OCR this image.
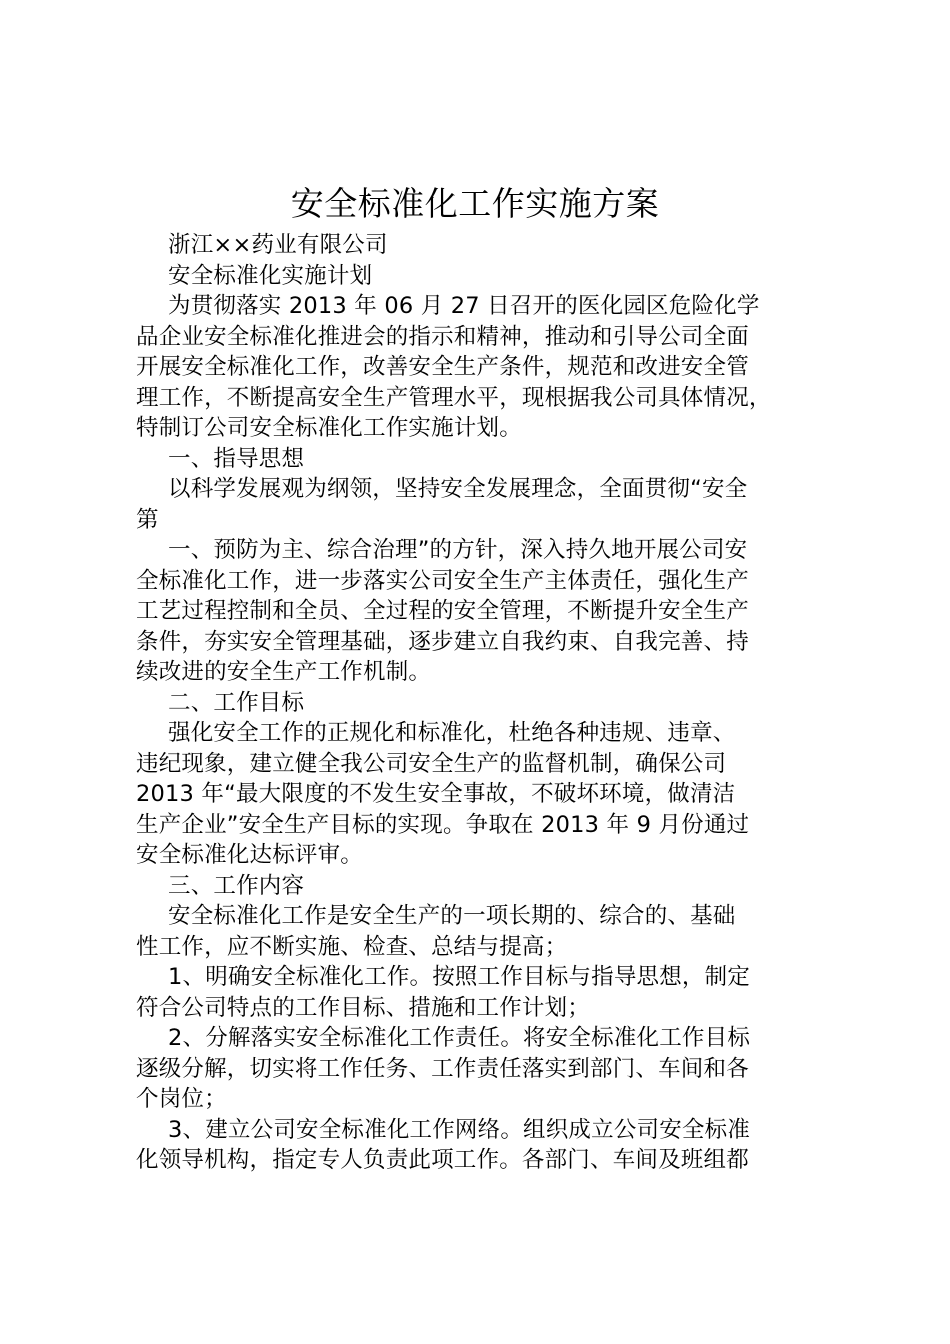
安全标准化工作实施方案
浙江××药业有限公司
安全标准化实施计划
为贯彻落实 2013 年 06 月 27 日召开的医化园区危险化学
品企业安全标准化推进会的指示和精神，推动和引导公司全面
开展安全标准化工作，改善安全生产条件，规范和改进安全管
理工作，不断提高安全生产管理水平，现根据我公司具体情况，
特制订公司安全标准化工作实施计划。
一、指导思想
以科学发展观为纲领，坚持安全发展理念，全面贯彻“安全
第
一、预防为主、综合治理”的方针，深入持久地开展公司安
全标准化工作，进一步落实公司安全生产主体责任，强化生产
工艺过程控制和全员、全过程的安全管理，不断提升安全生产
条件，夯实安全管理基础，逐步建立自我约束、自我完善、持
续改进的安全生产工作机制。
二、工作目标
强化安全工作的正规化和标准化，杜绝各种违规、违章、
违纪现象，建立健全我公司安全生产的监督机制，确保公司
2013 年“最大限度的不发生安全事故，不破坏环境，做清洁
生产企业”安全生产目标的实现。争取在 2013 年 9 月份通过
安全标准化达标评审。
三、工作内容
安全标准化工作是安全生产的一项长期的、综合的、基础
性工作，应不断实施、检查、总结与提高；
1、明确安全标准化工作。按照工作目标与指导思想，制定
符合公司特点的工作目标、措施和工作计划；
2、分解落实安全标准化工作责任。将安全标准化工作目标
逐级分解，切实将工作任务、工作责任落实到部门、车间和各
个岗位；
3、建立公司安全标准化工作网络。组织成立公司安全标准
化领导机构，指定专人负责此项工作。各部门、车间及班组都
